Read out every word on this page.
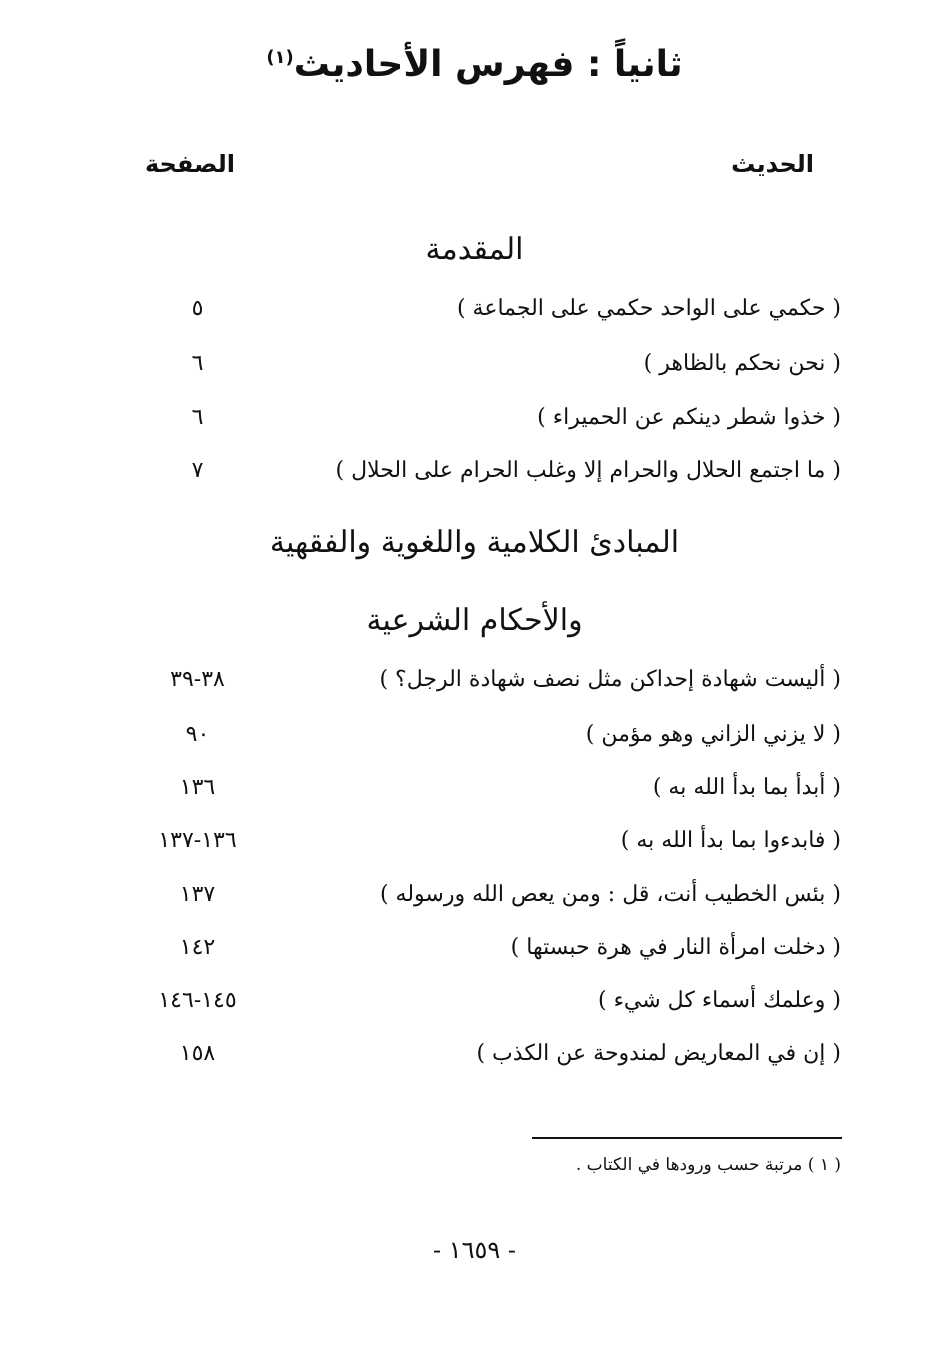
ثانياً : فهرس الأحاديث$^{(١)}$
الحديث
الصفحة
المقدمة
( حكمي على الواحد حكمي على الجماعة )
٥
( نحن نحكم بالظاهر )
٦
( خذوا شطر دينكم عن الحميراء )
٦
( ما اجتمع الحلال والحرام إلا وغلب الحرام على الحلال )
٧
المبادئ الكلامية واللغوية والفقهية
والأحكام الشرعية
( أليست شهادة إحداكن مثل نصف شهادة الرجل؟ )
٣٨-٣٩
( لا يزني الزاني وهو مؤمن )
٩٠
( أبدأ بما بدأ الله به )
١٣٦
( فابدءوا بما بدأ الله به )
١٣٦-١٣٧
( بئس الخطيب أنت، قل : ومن يعص الله ورسوله )
١٣٧
( دخلت امرأة النار في هرة حبستها )
١٤٢
( وعلمك أسماء كل شيء )
١٤٥-١٤٦
( إن في المعاريض لمندوحة عن الكذب )
١٥٨
( ١ ) مرتبة حسب ورودها في الكتاب .
- ١٦٥٩ -
